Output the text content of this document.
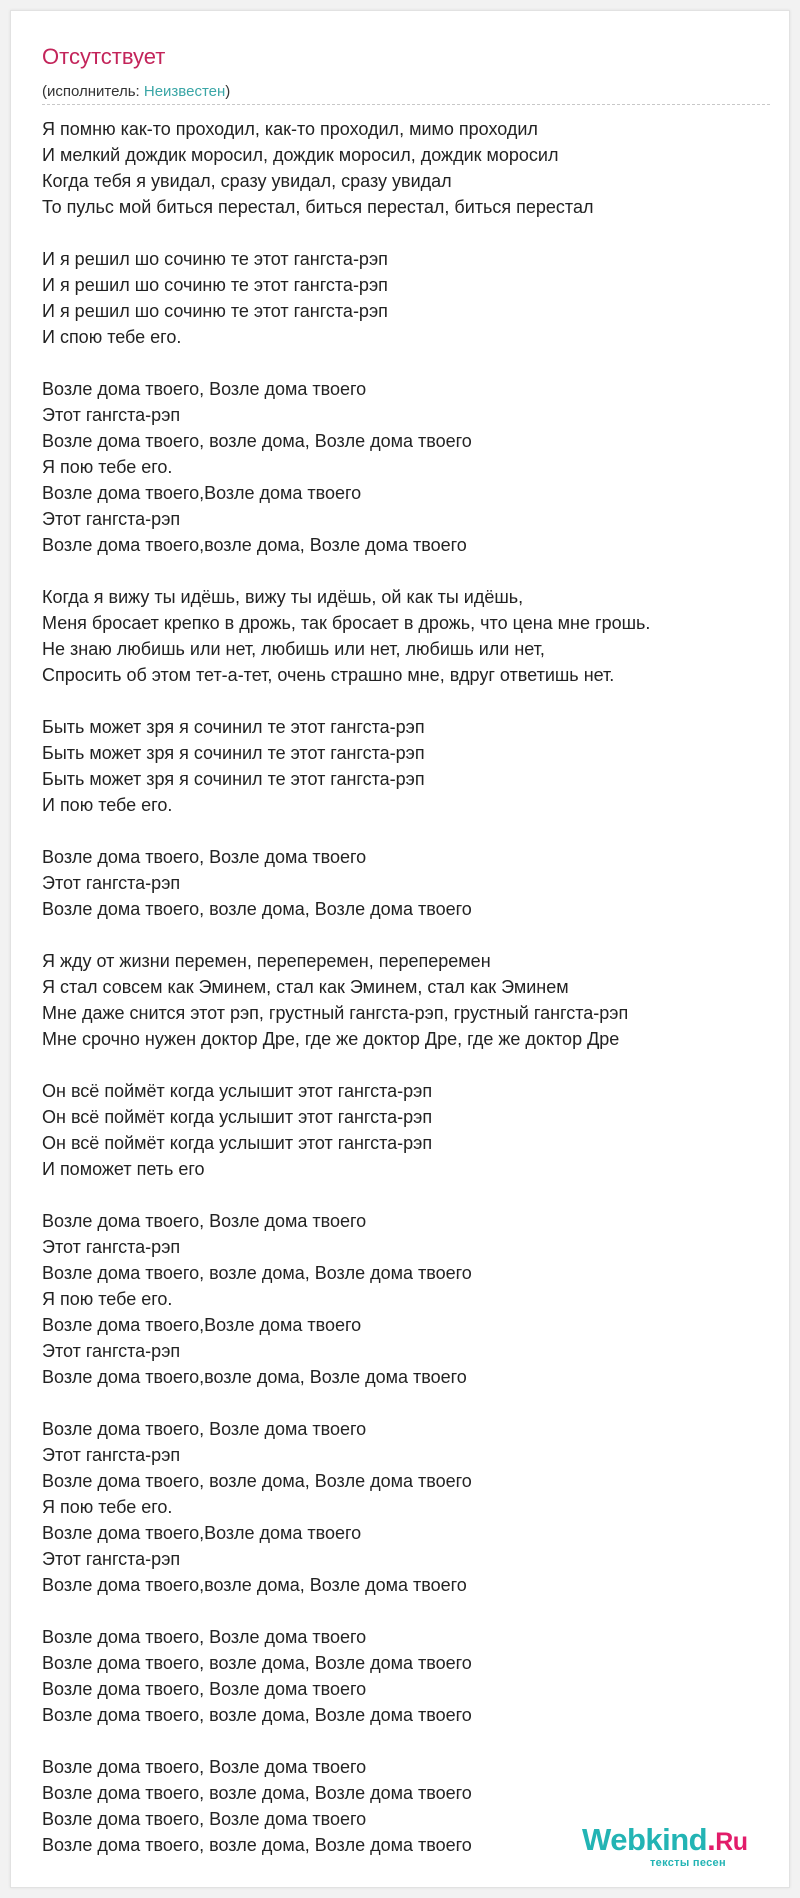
Отсутствует
(исполнитель: Неизвестен)
Я помню как-то проходил, как-то проходил, мимо проходил
И мелкий дождик моросил, дождик моросил, дождик моросил
Когда тебя я увидал, сразу увидал, сразу увидал
То пульс мой биться перестал, биться перестал, биться перестал

И я решил шо сочиню те этот гангста-рэп
И я решил шо сочиню те этот гангста-рэп
И я решил шо сочиню те этот гангста-рэп
И спою тебе его.

Возле дома твоего, Возле дома твоего
Этот гангста-рэп
Возле дома твоего, возле дома, Возле дома твоего
Я пою тебе его.
Возле дома твоего,Возле дома твоего
Этот гангста-рэп
Возле дома твоего,возле дома, Возле дома твоего

Когда я вижу ты идёшь, вижу ты идёшь, ой как ты идёшь,
Меня бросает крепко в дрожь, так бросает в дрожь, что цена мне грошь.
Не знаю любишь или нет, любишь или нет, любишь или нет,
Спросить об этом тет-а-тет, очень страшно мне, вдруг ответишь нет.

Быть может зря я сочинил те этот гангста-рэп
Быть может зря я сочинил те этот гангста-рэп
Быть может зря я сочинил те этот гангста-рэп
И пою тебе его.

Возле дома твоего, Возле дома твоего
Этот гангста-рэп
Возле дома твоего, возле дома, Возле дома твоего

Я жду от жизни перемен, переперемен, переперемен
Я стал совсем как Эминем, стал как Эминем, стал как Эминем
Мне даже снится этот рэп, грустный гангста-рэп, грустный гангста-рэп
Мне срочно нужен доктор Дре, где же доктор Дре, где же доктор Дре

Он всё поймёт когда услышит этот гангста-рэп
Он всё поймёт когда услышит этот гангста-рэп
Он всё поймёт когда услышит этот гангста-рэп
И поможет петь его

Возле дома твоего, Возле дома твоего
Этот гангста-рэп
Возле дома твоего, возле дома, Возле дома твоего
Я пою тебе его.
Возле дома твоего,Возле дома твоего
Этот гангста-рэп
Возле дома твоего,возле дома, Возле дома твоего

Возле дома твоего, Возле дома твоего
Этот гангста-рэп
Возле дома твоего, возле дома, Возле дома твоего
Я пою тебе его.
Возле дома твоего,Возле дома твоего
Этот гангста-рэп
Возле дома твоего,возле дома, Возле дома твоего

Возле дома твоего, Возле дома твоего
Возле дома твоего, возле дома, Возле дома твоего
Возле дома твоего, Возле дома твоего
Возле дома твоего, возле дома, Возле дома твоего

Возле дома твоего, Возле дома твоего
Возле дома твоего, возле дома, Возле дома твоего
Возле дома твоего, Возле дома твоего
Возле дома твоего, возле дома, Возле дома твоего	Webkind.Ru
тексты песен
